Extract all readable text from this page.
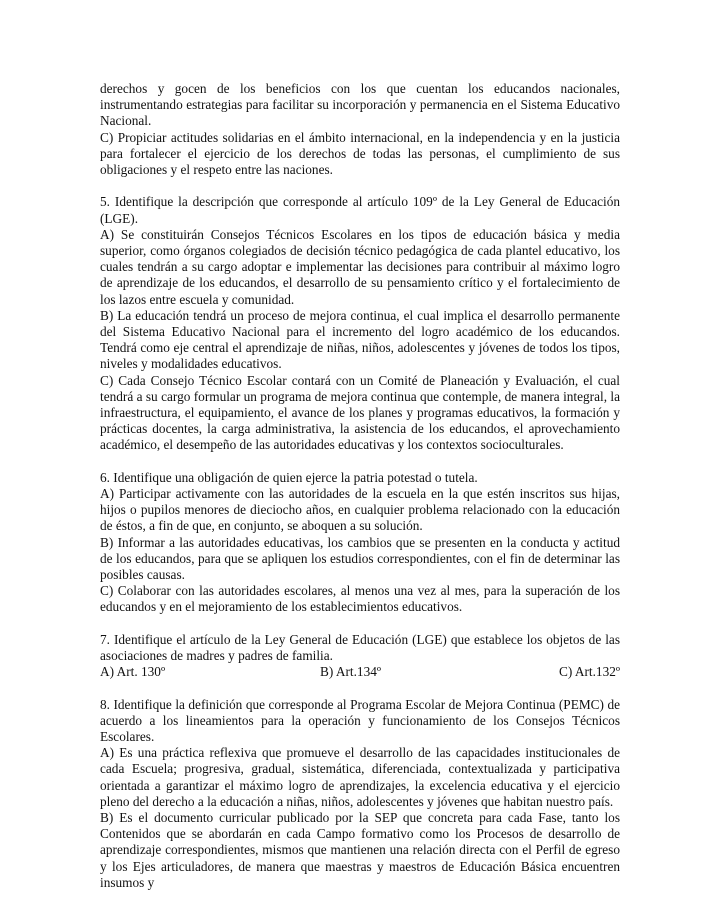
derechos y gocen de los beneficios con los que cuentan los educandos nacionales, instrumentando estrategias para facilitar su incorporación y permanencia en el Sistema Educativo Nacional.

C) Propiciar actitudes solidarias en el ámbito internacional, en la independencia y en la justicia para fortalecer el ejercicio de los derechos de todas las personas, el cumplimiento de sus obligaciones y el respeto entre las naciones.

5. Identifique la descripción que corresponde al artículo 109º de la Ley General de Educación (LGE).

A) Se constituirán Consejos Técnicos Escolares en los tipos de educación básica y media superior, como órganos colegiados de decisión técnico pedagógica de cada plantel educativo, los cuales tendrán a su cargo adoptar e implementar las decisiones para contribuir al máximo logro de aprendizaje de los educandos, el desarrollo de su pensamiento crítico y el fortalecimiento de los lazos entre escuela y comunidad.

B) La educación tendrá un proceso de mejora continua, el cual implica el desarrollo permanente del Sistema Educativo Nacional para el incremento del logro académico de los educandos. Tendrá como eje central el aprendizaje de niñas, niños, adolescentes y jóvenes de todos los tipos, niveles y modalidades educativos.

C) Cada Consejo Técnico Escolar contará con un Comité de Planeación y Evaluación, el cual tendrá a su cargo formular un programa de mejora continua que contemple, de manera integral, la infraestructura, el equipamiento, el avance de los planes y programas educativos, la formación y prácticas docentes, la carga administrativa, la asistencia de los educandos, el aprovechamiento académico, el desempeño de las autoridades educativas y los contextos socioculturales.

6. Identifique una obligación de quien ejerce la patria potestad o tutela.

A) Participar activamente con las autoridades de la escuela en la que estén inscritos sus hijas, hijos o pupilos menores de dieciocho años, en cualquier problema relacionado con la educación de éstos, a fin de que, en conjunto, se aboquen a su solución.

B) Informar a las autoridades educativas, los cambios que se presenten en la conducta y actitud de los educandos, para que se apliquen los estudios correspondientes, con el fin de determinar las posibles causas.

C) Colaborar con las autoridades escolares, al menos una vez al mes, para la superación de los educandos y en el mejoramiento de los establecimientos educativos.

7. Identifique el artículo de la Ley General de Educación (LGE) que establece los objetos de las asociaciones de madres y padres de familia.

A) Art. 130º	B) Art.134º	C) Art.132º

8. Identifique la definición que corresponde al Programa Escolar de Mejora Continua (PEMC) de acuerdo a los lineamientos para la operación y funcionamiento de los Consejos Técnicos Escolares.

A) Es una práctica reflexiva que promueve el desarrollo de las capacidades institucionales de cada Escuela; progresiva, gradual, sistemática, diferenciada, contextualizada y participativa orientada a garantizar el máximo logro de aprendizajes, la excelencia educativa y el ejercicio pleno del derecho a la educación a niñas, niños, adolescentes y jóvenes que habitan nuestro país.

B) Es el documento curricular publicado por la SEP que concreta para cada Fase, tanto los Contenidos que se abordarán en cada Campo formativo como los Procesos de desarrollo de aprendizaje correspondientes, mismos que mantienen una relación directa con el Perfil de egreso y los Ejes articuladores, de manera que maestras y maestros de Educación Básica encuentren insumos y
